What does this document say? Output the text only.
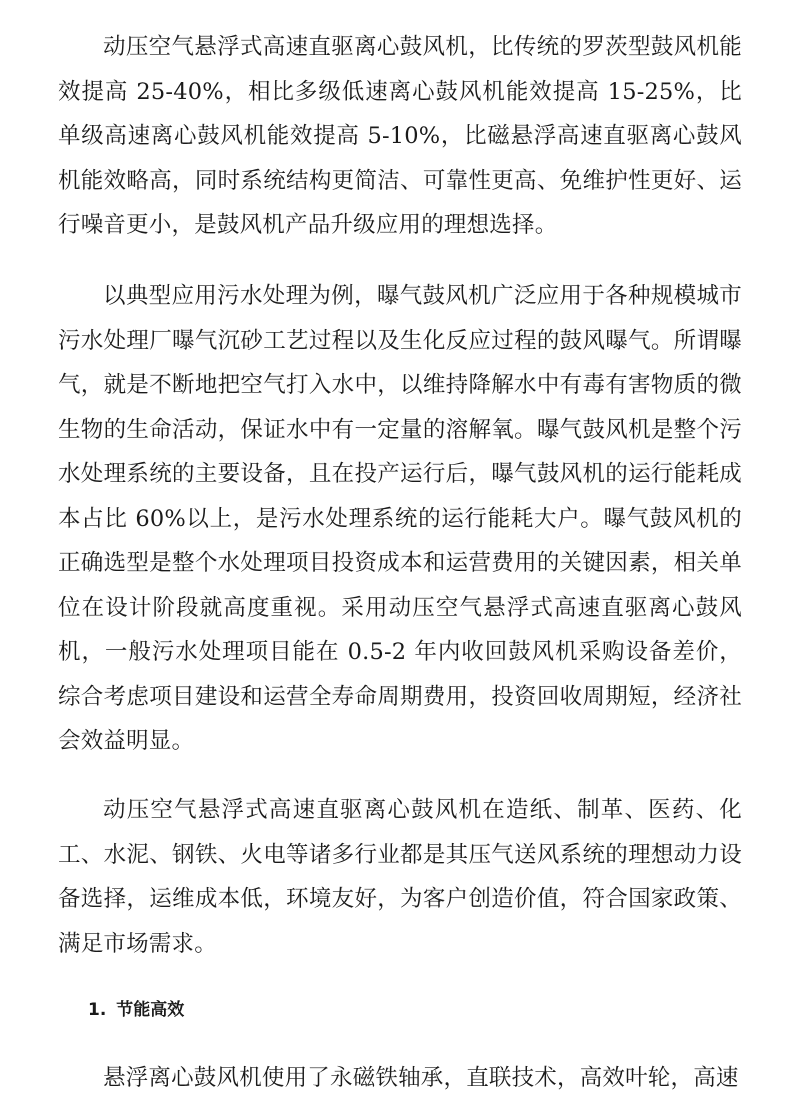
动压空气悬浮式高速直驱离心鼓风机，比传统的罗茨型鼓风机能效提高 25-40%，相比多级低速离心鼓风机能效提高 15-25%，比单级高速离心鼓风机能效提高 5-10%，比磁悬浮高速直驱离心鼓风机能效略高，同时系统结构更简洁、可靠性更高、免维护性更好、运行噪音更小，是鼓风机产品升级应用的理想选择。

以典型应用污水处理为例，曝气鼓风机广泛应用于各种规模城市污水处理厂曝气沉砂工艺过程以及生化反应过程的鼓风曝气。所谓曝气，就是不断地把空气打入水中，以维持降解水中有毒有害物质的微生物的生命活动，保证水中有一定量的溶解氧。曝气鼓风机是整个污水处理系统的主要设备，且在投产运行后，曝气鼓风机的运行能耗成本占比 60%以上，是污水处理系统的运行能耗大户。曝气鼓风机的正确选型是整个水处理项目投资成本和运营费用的关键因素，相关单位在设计阶段就高度重视。采用动压空气悬浮式高速直驱离心鼓风机，一般污水处理项目能在 0.5-2 年内收回鼓风机采购设备差价，综合考虑项目建设和运营全寿命周期费用，投资回收周期短，经济社会效益明显。

动压空气悬浮式高速直驱离心鼓风机在造纸、制革、医药、化工、水泥、钢铁、火电等诸多行业都是其压气送风系统的理想动力设备选择，运维成本低，环境友好，为客户创造价值，符合国家政策、满足市场需求。

1. 节能高效

悬浮离心鼓风机使用了永磁铁轴承，直联技术，高效叶轮，高速
